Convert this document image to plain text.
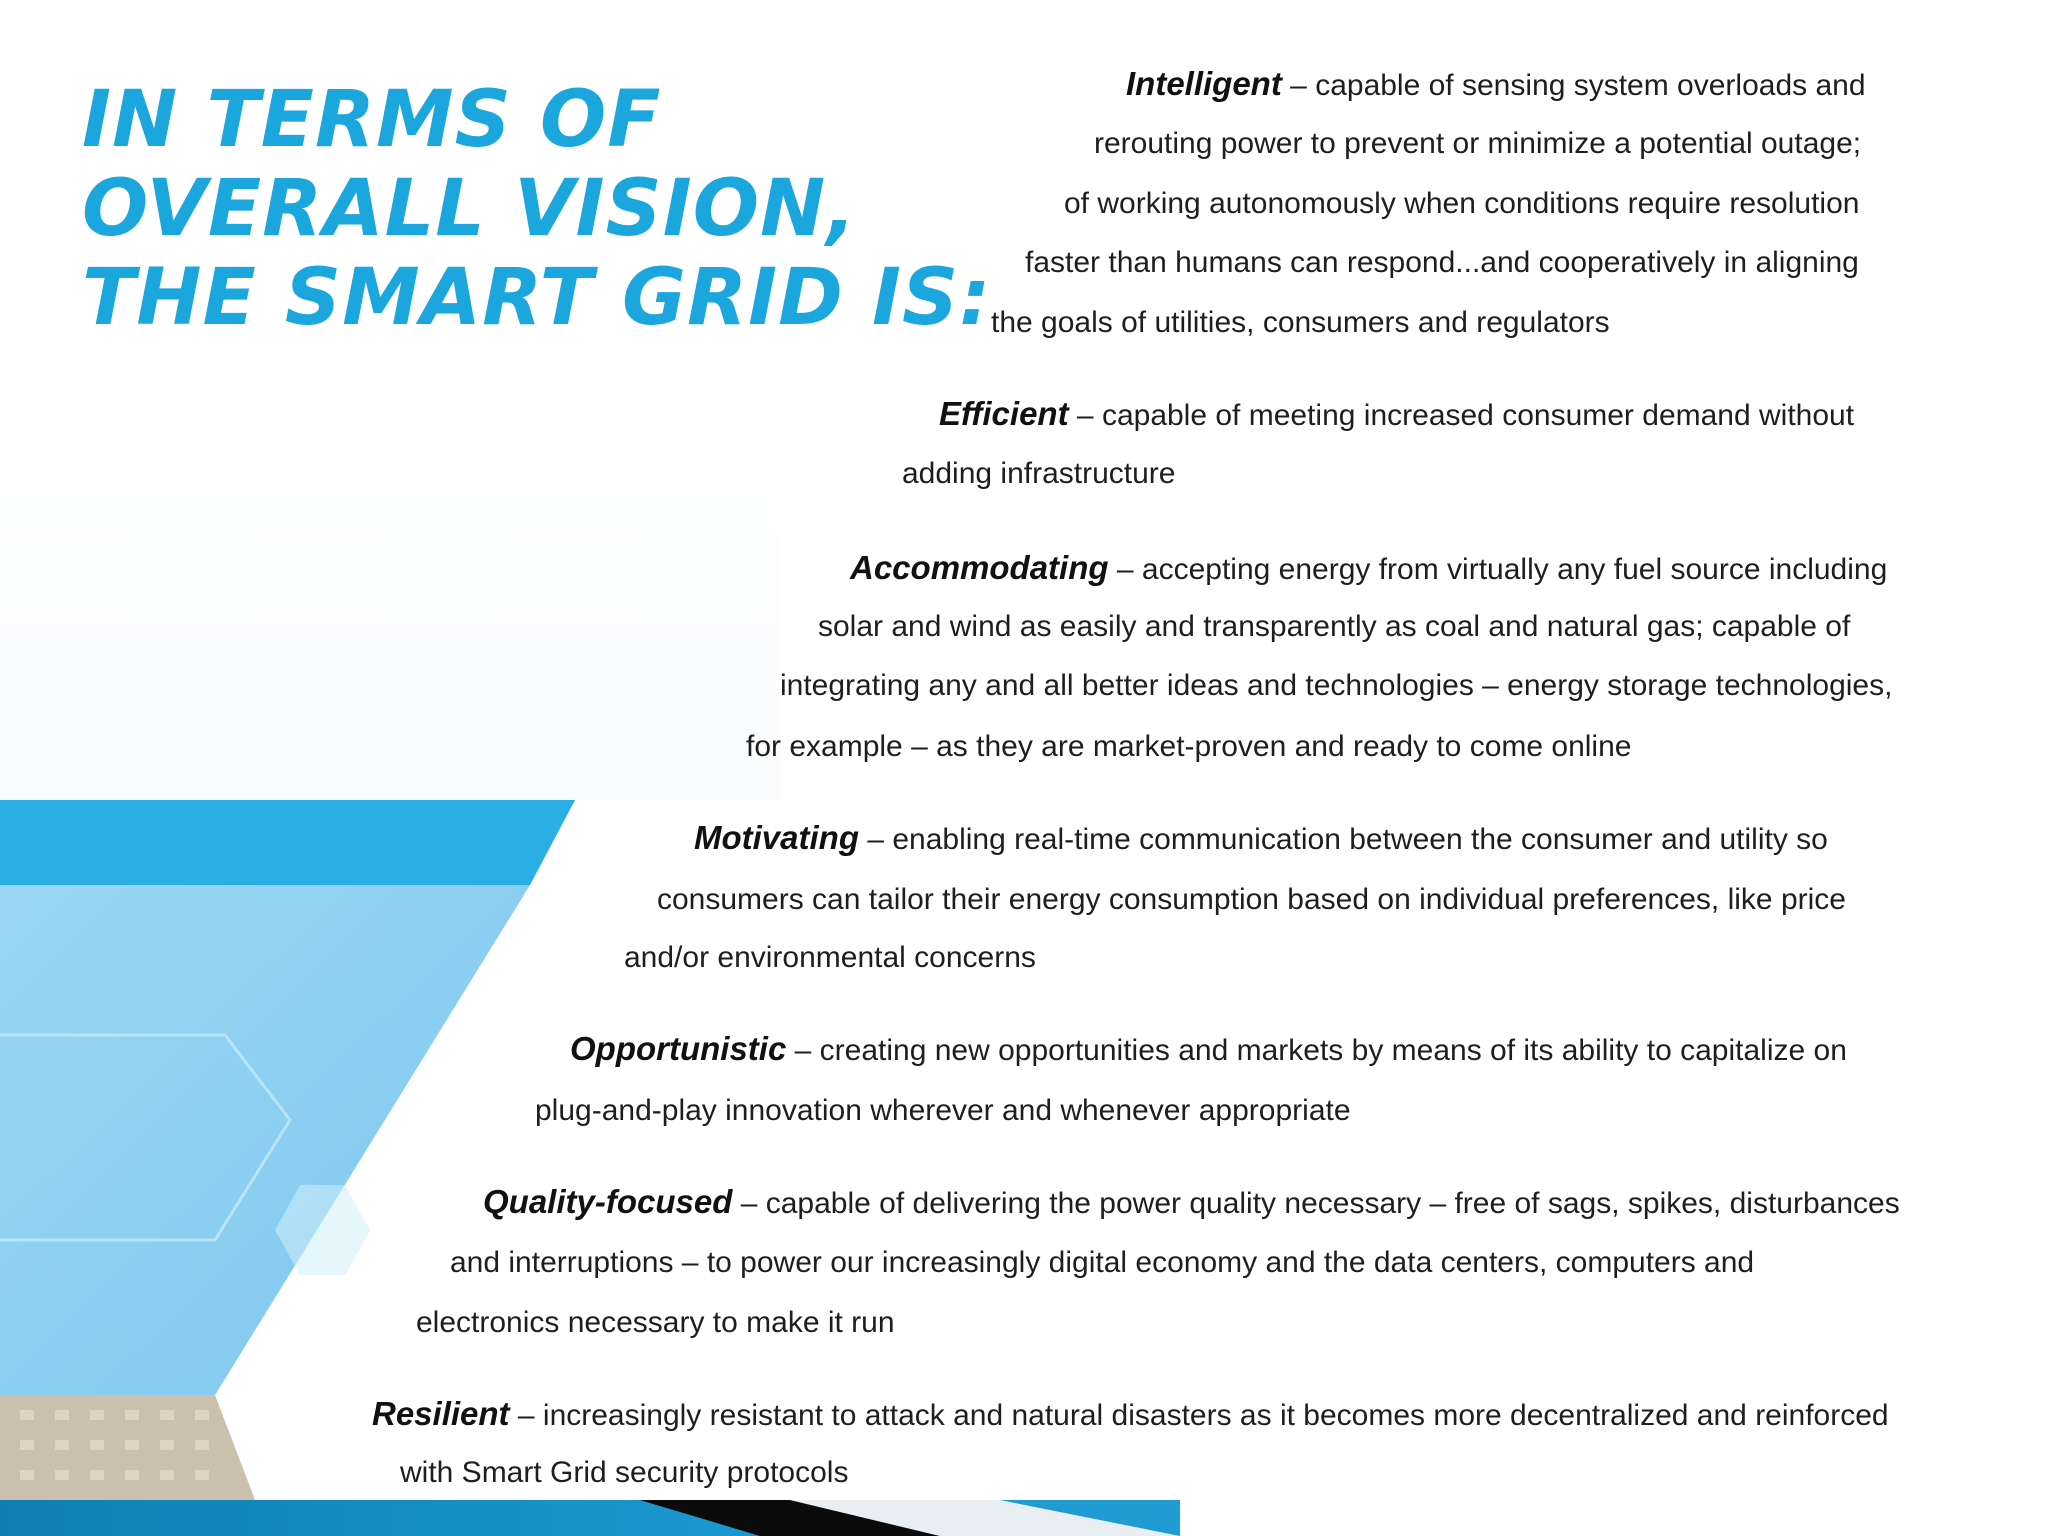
IN TERMS OF
OVERALL VISION,
THE SMART GRID IS:
Intelligent – capable of sensing system overloads and
rerouting power to prevent or minimize a potential outage;
of working autonomously when conditions require resolution
faster than humans can respond...and cooperatively in aligning
the goals of utilities, consumers and regulators
Efficient – capable of meeting increased consumer demand without
adding infrastructure
Accommodating – accepting energy from virtually any fuel source including
solar and wind as easily and transparently as coal and natural gas; capable of
integrating any and all better ideas and technologies – energy storage technologies,
for example – as they are market-proven and ready to come online
Motivating – enabling real-time communication between the consumer and utility so
consumers can tailor their energy consumption based on individual preferences, like price
and/or environmental concerns
Opportunistic – creating new opportunities and markets by means of its ability to capitalize on
plug-and-play innovation wherever and whenever appropriate
Quality-focused – capable of delivering the power quality necessary – free of sags, spikes, disturbances
and interruptions – to power our increasingly digital economy and the data centers, computers and
electronics necessary to make it run
Resilient – increasingly resistant to attack and natural disasters as it becomes more decentralized and reinforced
with Smart Grid security protocols
